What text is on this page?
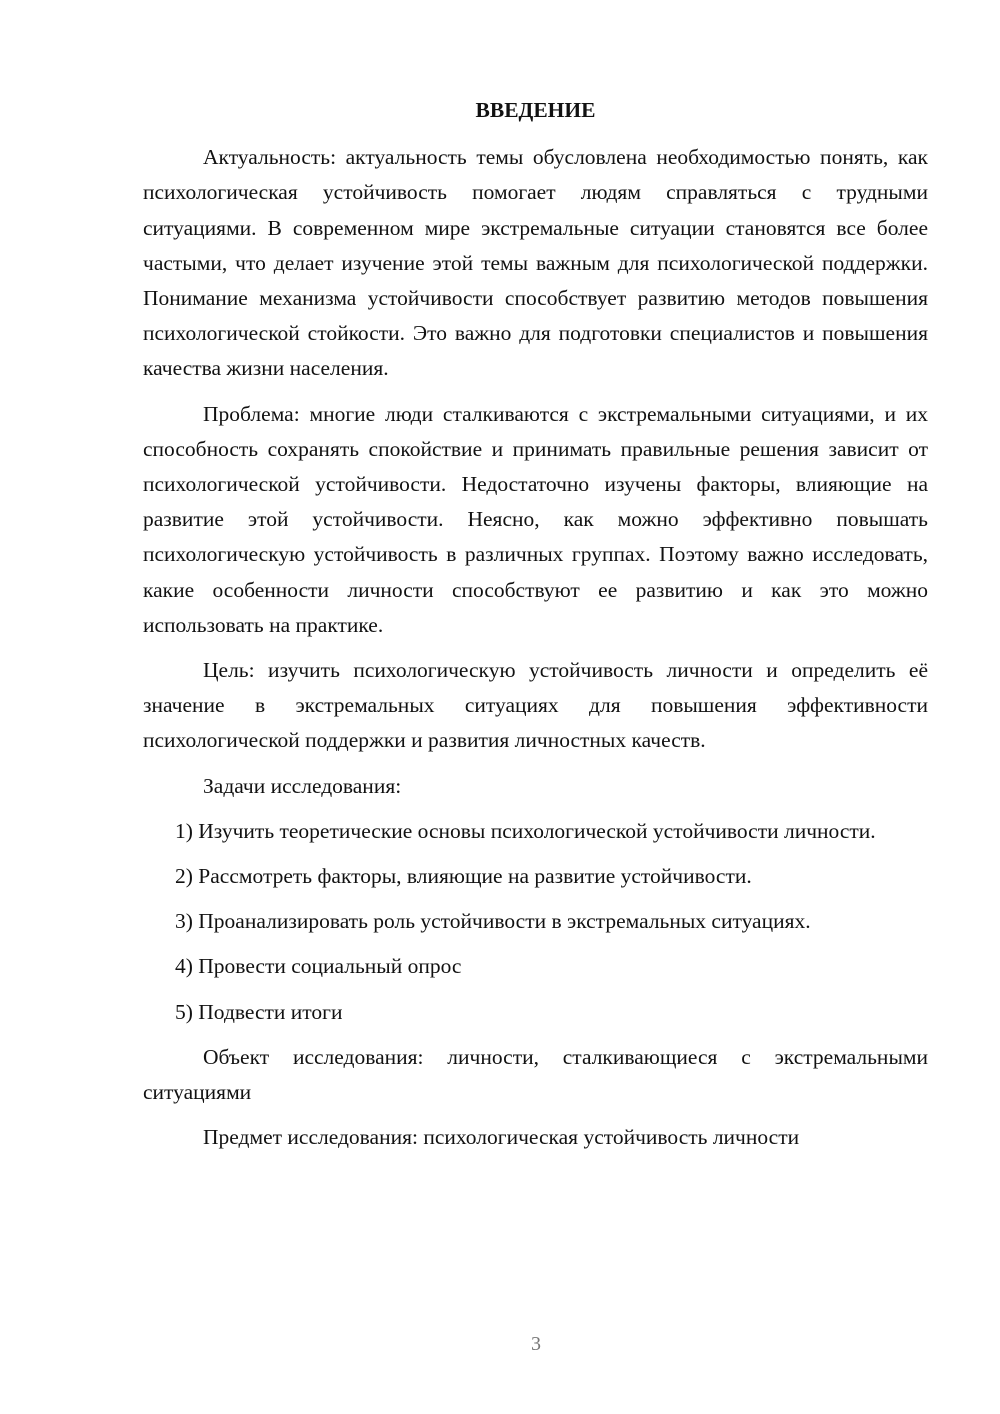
ВВЕДЕНИЕ

Актуальность: актуальность темы обусловлена необходимостью понять, как психологическая устойчивость помогает людям справляться с трудными ситуациями. В современном мире экстремальные ситуации становятся все более частыми, что делает изучение этой темы важным для психологической поддержки. Понимание механизма устойчивости способствует развитию методов повышения психологической стойкости. Это важно для подготовки специалистов и повышения качества жизни населения.

Проблема: многие люди сталкиваются с экстремальными ситуациями, и их способность сохранять спокойствие и принимать правильные решения зависит от психологической устойчивости. Недостаточно изучены факторы, влияющие на развитие этой устойчивости. Неясно, как можно эффективно повышать психологическую устойчивость в различных группах. Поэтому важно исследовать, какие особенности личности способствуют ее развитию и как это можно использовать на практике.

Цель: изучить психологическую устойчивость личности и определить её значение в экстремальных ситуациях для повышения эффективности психологической поддержки и развития личностных качеств.

Задачи исследования:

1) Изучить теоретические основы психологической устойчивости личности.

2) Рассмотреть факторы, влияющие на развитие устойчивости.

3) Проанализировать роль устойчивости в экстремальных ситуациях.

4) Провести социальный опрос

5) Подвести итоги

Объект исследования: личности, сталкивающиеся с экстремальными ситуациями

Предмет исследования: психологическая устойчивость личности

3
